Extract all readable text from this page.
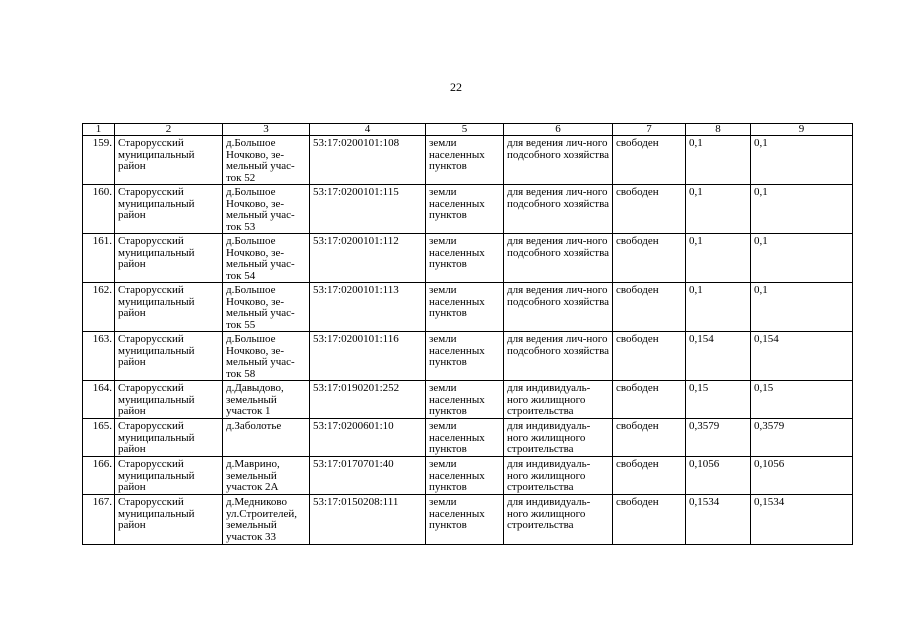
22
1	2	3	4	5	6	7	8	9
159.	Старорусский муниципальный район	д.Большое Ночково, зе-мельный учас-ток 52	53:17:0200101:108	земли населенных пунктов	для ведения лич-ного подсобного хозяйства	свободен	0,1	0,1
160.	Старорусский муниципальный район	д.Большое Ночково, зе-мельный учас-ток 53	53:17:0200101:115	земли населенных пунктов	для ведения лич-ного подсобного хозяйства	свободен	0,1	0,1
161.	Старорусский муниципальный район	д.Большое Ночково, зе-мельный учас-ток 54	53:17:0200101:112	земли населенных пунктов	для ведения лич-ного подсобного хозяйства	свободен	0,1	0,1
162.	Старорусский муниципальный район	д.Большое Ночково, зе-мельный учас-ток 55	53:17:0200101:113	земли населенных пунктов	для ведения лич-ного подсобного хозяйства	свободен	0,1	0,1
163.	Старорусский муниципальный район	д.Большое Ночково, зе-мельный учас-ток 58	53:17:0200101:116	земли населенных пунктов	для ведения лич-ного подсобного хозяйства	свободен	0,154	0,154
164.	Старорусский муниципальный район	д.Давыдово, земельный участок 1	53:17:0190201:252	земли населенных пунктов	для индивидуаль-ного жилищного строительства	свободен	0,15	0,15
165.	Старорусский муниципальный район	д.Заболотье	53:17:0200601:10	земли населенных пунктов	для индивидуаль-ного жилищного строительства	свободен	0,3579	0,3579
166.	Старорусский муниципальный район	д.Маврино, земельный участок 2А	53:17:0170701:40	земли населенных пунктов	для индивидуаль-ного жилищного строительства	свободен	0,1056	0,1056
167.	Старорусский муниципальный район	д.Медниково ул.Строителей, земельный участок 33	53:17:0150208:111	земли населенных пунктов	для индивидуаль-ного жилищного строительства	свободен	0,1534	0,1534
